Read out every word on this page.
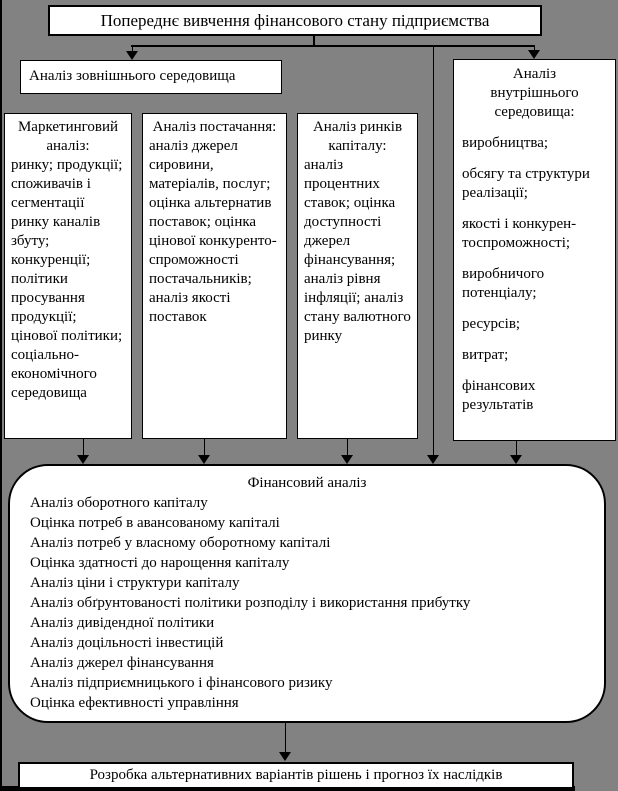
Попереднє вивчення фінансового стану підприємства
Аналіз зовнішнього середовища
Маркетинговий аналіз:
ринку; продукції; споживачів і сегментації ринку каналів збуту; конкуренції; політики просування продукції; цінової політики; соціально-економічного середовища
Аналіз постачання:
аналіз джерел сировини, матеріалів, послуг; оцінка альтернатив поставок; оцінка цінової конкуренто-спроможності постачальників; аналіз якості поставок
Аналіз ринків капіталу:
аналіз процентних ставок; оцінка доступності джерел фінансування; аналіз рівня інфляції; аналіз стану валютного ринку
Аналіз внутрішнього середовища:
виробництва;
обсягу та структури реалізації;
якості і конкурен-тоспроможності;
виробничого потенціалу;
ресурсів;
витрат;
фінансових результатів
Фінансовий аналіз
Аналіз оборотного капіталу
Оцінка потреб в авансованому капіталі
Аналіз потреб у власному оборотному капіталі
Оцінка здатності до нарощення капіталу
Аналіз ціни і структури капіталу
Аналіз обґрунтованості політики розподілу і використання прибутку
Аналіз дивідендної політики
Аналіз доцільності інвестицій
Аналіз джерел фінансування
Аналіз підприємницького і фінансового ризику
Оцінка ефективності управління
Розробка альтернативних варіантів рішень і прогноз їх наслідків
